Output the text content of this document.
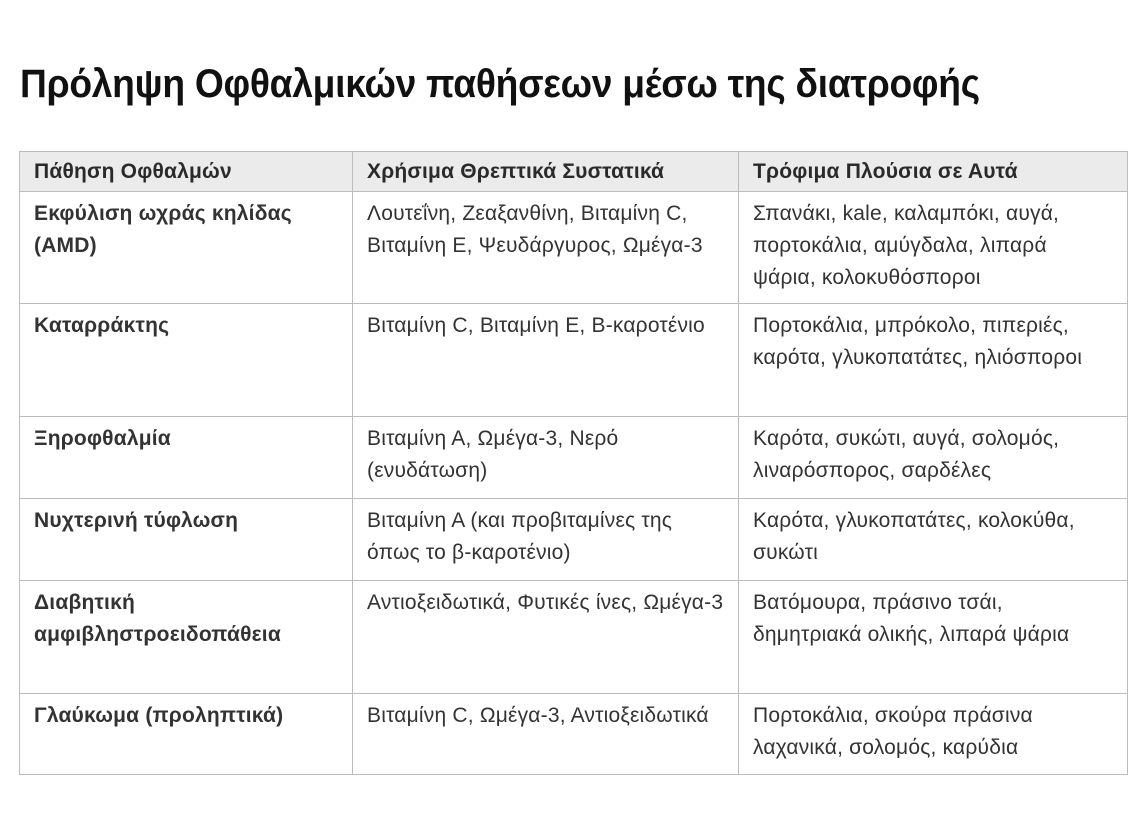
Πρόληψη Οφθαλμικών παθήσεων μέσω της διατροφής
Πάθηση Οφθαλμών	Χρήσιμα Θρεπτικά Συστατικά	Τρόφιμα Πλούσια σε Αυτά
Εκφύλιση ωχράς κηλίδας (AMD)	Λουτεΐνη, Ζεαξανθίνη, Βιταμίνη C, Βιταμίνη Ε, Ψευδάργυρος, Ωμέγα-3	Σπανάκι, kale, καλαμπόκι, αυγά, πορτοκάλια, αμύγδαλα, λιπαρά ψάρια, κολοκυθόσποροι
Καταρράκτης	Βιταμίνη C, Βιταμίνη E, Β-καροτένιο	Πορτοκάλια, μπρόκολο, πιπεριές, καρότα, γλυκοπατάτες, ηλιόσποροι
Ξηροφθαλμία	Βιταμίνη Α, Ωμέγα-3, Νερό (ενυδάτωση)	Καρότα, συκώτι, αυγά, σολομός, λιναρόσπορος, σαρδέλες
Νυχτερινή τύφλωση	Βιταμίνη Α (και προβιταμίνες της όπως το β-καροτένιο)	Καρότα, γλυκοπατάτες, κολοκύθα, συκώτι
Διαβητική αμφιβληστροειδοπάθεια	Αντιοξειδωτικά, Φυτικές ίνες, Ωμέγα-3	Βατόμουρα, πράσινο τσάι, δημητριακά ολικής, λιπαρά ψάρια
Γλαύκωμα (προληπτικά)	Βιταμίνη C, Ωμέγα-3, Αντιοξειδωτικά	Πορτοκάλια, σκούρα πράσινα λαχανικά, σολομός, καρύδια
